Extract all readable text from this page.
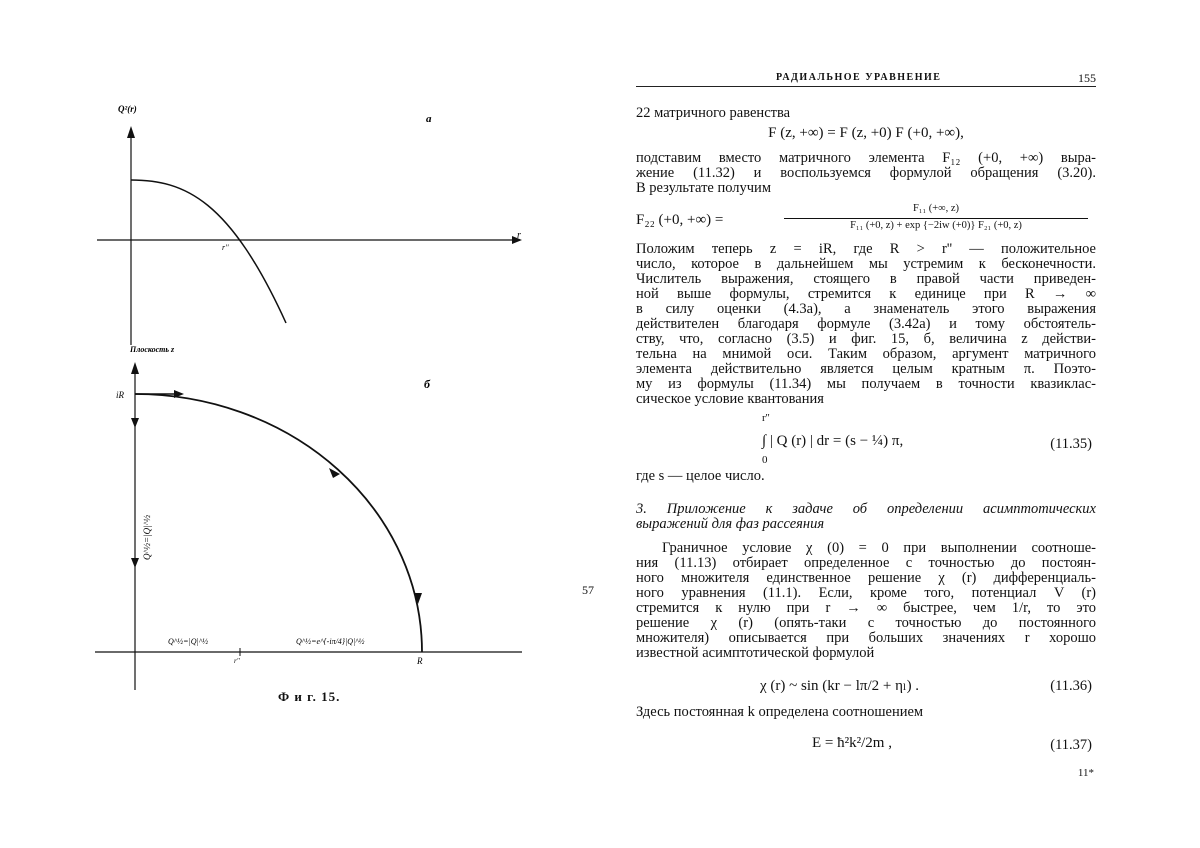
Q²(r)
а
r
r''
Плоскость z
б
iR
R
r''
Q^½=|Q|^½
Q^½=|Q|^½	Q^½=e^{-iπ/4}|Q|^½
Ф и г. 15.
57
РАДИАЛЬНОЕ УРАВНЕНИЕ	155
22 матричного равенства
F (z, +∞) = F (z, +0) F (+0, +∞),
подставим вместо матричного элемента F₁₂ (+0, +∞) выра-
жение (11.32) и воспользуемся формулой обращения (3.20).
В результате получим
F₂₂ (+0, +∞) =
F₁₁ (+∞, z)
F₁₁ (+0, z) + exp {−2iw (+0)} F₂₁ (+0, z)
Положим теперь z = iR, где R > r'' — положительное
число, которое в дальнейшем мы устремим к бесконечности.
Числитель выражения, стоящего в правой части приведен-
ной выше формулы, стремится к единице при R → ∞
в силу оценки (4.3а), а знаменатель этого выражения
действителен благодаря формуле (3.42а) и тому обстоятель-
ству, что, согласно (3.5) и фиг. 15, б, величина z действи-
тельна на мнимой оси. Таким образом, аргумент матричного
элемента действительно является целым кратным π. Поэто-
му из формулы (11.34) мы получаем в точности квазиклас-
сическое условие квантования
r''
∫ | Q (r) | dr = (s − ¼) π,
0
(11.35)
где s — целое число.
3. Приложение к задаче об определении асимптотических
выражений для фаз рассеяния
Граничное условие χ (0) = 0 при выполнении соотноше-
ния (11.13) отбирает определенное с точностью до постоян-
ного множителя единственное решение χ (r) дифференциаль-
ного уравнения (11.1). Если, кроме того, потенциал V (r)
стремится к нулю при r → ∞ быстрее, чем 1/r, то это
решение χ (r) (опять-таки с точностью до постоянного
множителя) описывается при больших значениях r хорошо
известной асимптотической формулой
χ (r) ~ sin (kr − lπ/2 + ηₗ) .	(11.36)
Здесь постоянная k определена соотношением
E = ħ²k²/2m ,	(11.37)
11*
